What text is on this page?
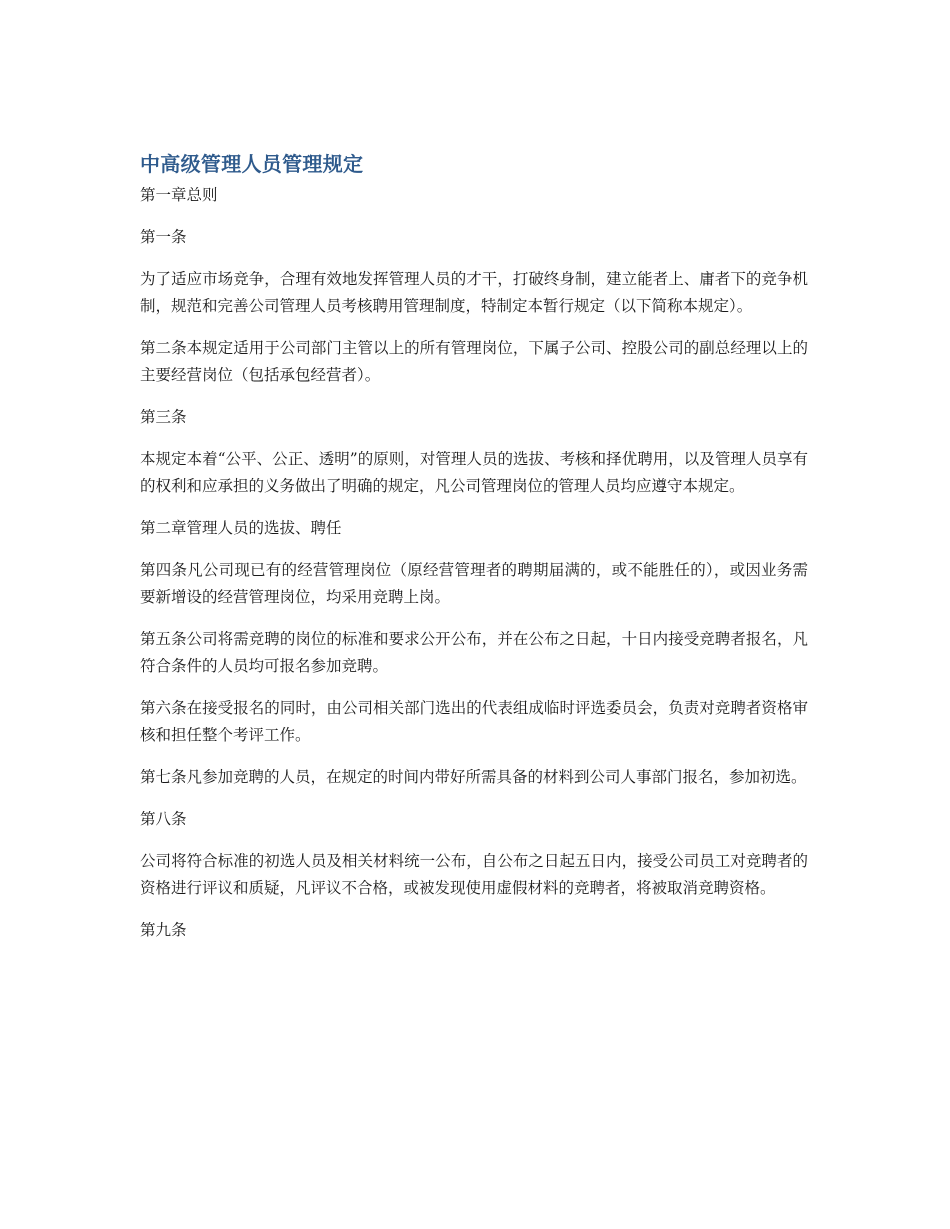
中高级管理人员管理规定

第一章总则

第一条

为了适应市场竞争，合理有效地发挥管理人员的才干，打破终身制，建立能者上、庸者下的竞争机制，规范和完善公司管理人员考核聘用管理制度，特制定本暂行规定（以下简称本规定）。

第二条本规定适用于公司部门主管以上的所有管理岗位，下属子公司、控股公司的副总经理以上的主要经营岗位（包括承包经营者）。

第三条

本规定本着“公平、公正、透明”的原则，对管理人员的选拔、考核和择优聘用，以及管理人员享有的权利和应承担的义务做出了明确的规定，凡公司管理岗位的管理人员均应遵守本规定。

第二章管理人员的选拔、聘任

第四条凡公司现已有的经营管理岗位（原经营管理者的聘期届满的，或不能胜任的），或因业务需要新增设的经营管理岗位，均采用竞聘上岗。

第五条公司将需竞聘的岗位的标准和要求公开公布，并在公布之日起，十日内接受竞聘者报名，凡符合条件的人员均可报名参加竞聘。

第六条在接受报名的同时，由公司相关部门选出的代表组成临时评选委员会，负责对竞聘者资格审核和担任整个考评工作。

第七条凡参加竞聘的人员，在规定的时间内带好所需具备的材料到公司人事部门报名，参加初选。

第八条

公司将符合标准的初选人员及相关材料统一公布，自公布之日起五日内，接受公司员工对竞聘者的资格进行评议和质疑，凡评议不合格，或被发现使用虚假材料的竞聘者，将被取消竞聘资格。

第九条
